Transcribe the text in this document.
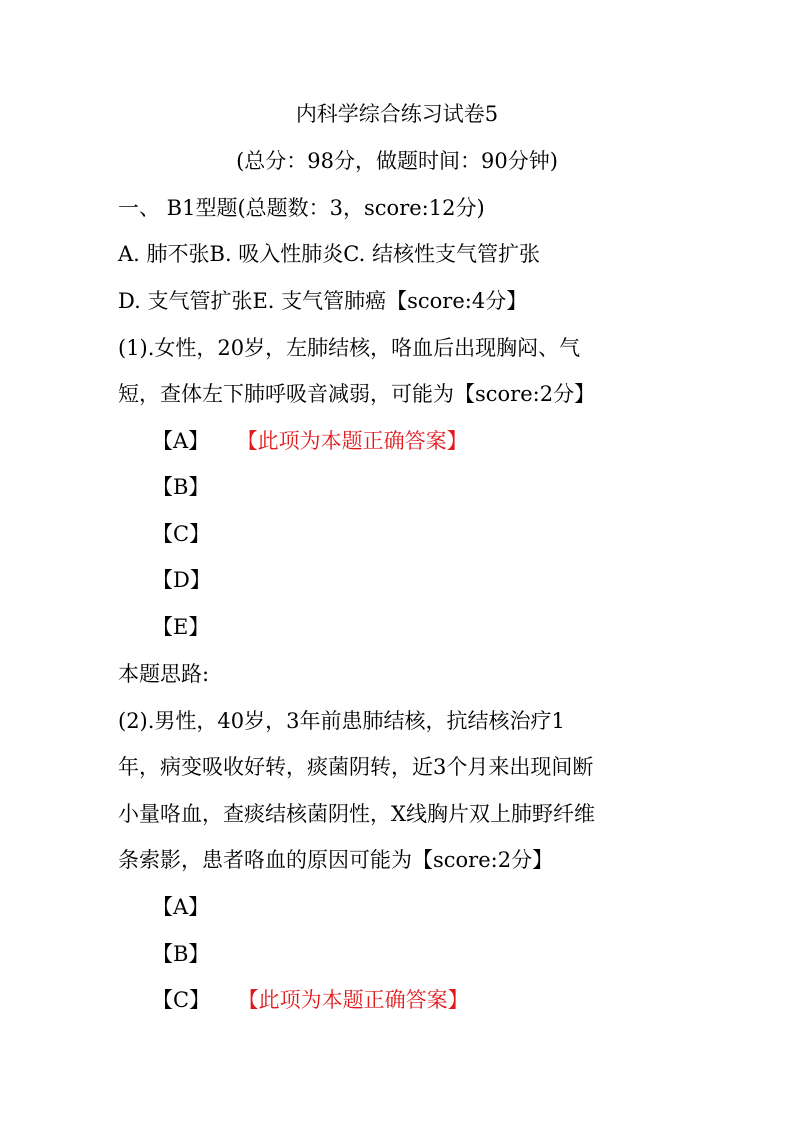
内科学综合练习试卷5
(总分：98分，做题时间：90分钟)
一、 B1型题(总题数：3，score:12分)
A. 肺不张B. 吸入性肺炎C. 结核性支气管扩张
D. 支气管扩张E. 支气管肺癌【score:4分】
(1).女性，20岁，左肺结核，咯血后出现胸闷、气
短，查体左下肺呼吸音减弱，可能为【score:2分】
【A】 【此项为本题正确答案】
【B】
【C】
【D】
【E】
本题思路:
(2).男性，40岁，3年前患肺结核，抗结核治疗1
年，病变吸收好转，痰菌阴转，近3个月来出现间断
小量咯血，查痰结核菌阴性，X线胸片双上肺野纤维
条索影，患者咯血的原因可能为【score:2分】
【A】
【B】
【C】 【此项为本题正确答案】
